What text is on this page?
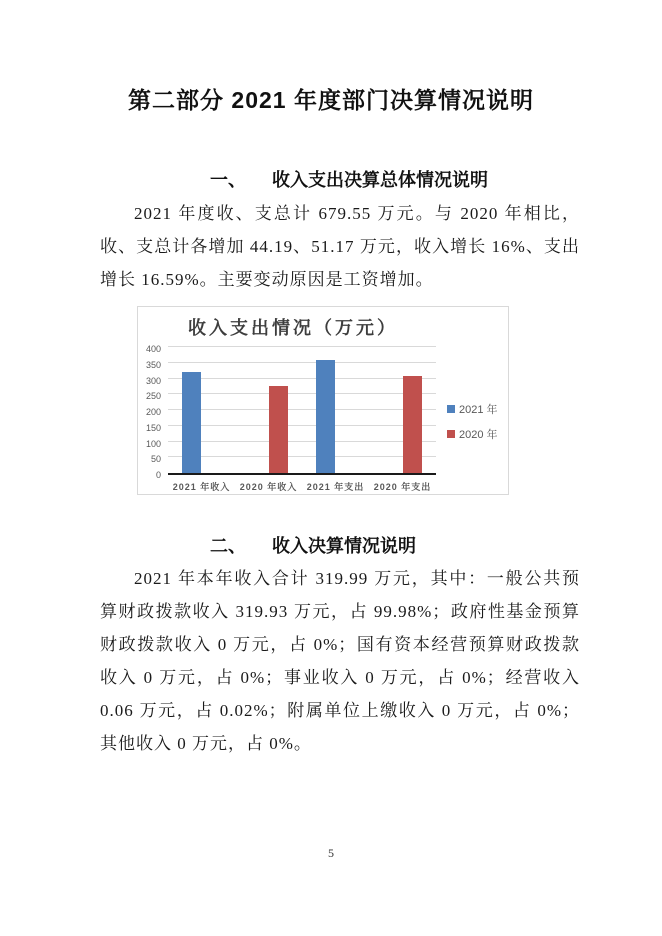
第二部分 2021 年度部门决算情况说明
一、 收入支出决算总体情况说明

2021 年度收、支总计 679.55 万元。与 2020 年相比，收、支总计各增加 44.19、51.17 万元，收入增长 16%、支出增长 16.59%。主要变动原因是工资增加。

收入支出情况（万元）
0
50
100
150
200
250
300
350
400
2021 年收入	2020 年收入	2021 年支出	2020 年支出
2021 年
2020 年
二、 收入决算情况说明

2021 年本年收入合计 319.99 万元，其中：一般公共预算财政拨款收入 319.93 万元，占 99.98%；政府性基金预算财政拨款收入 0 万元，占 0%；国有资本经营预算财政拨款收入 0 万元，占 0%；事业收入 0 万元，占 0%；经营收入 0.06 万元，占 0.02%；附属单位上缴收入 0 万元，占 0%；其他收入 0 万元，占 0%。

5
